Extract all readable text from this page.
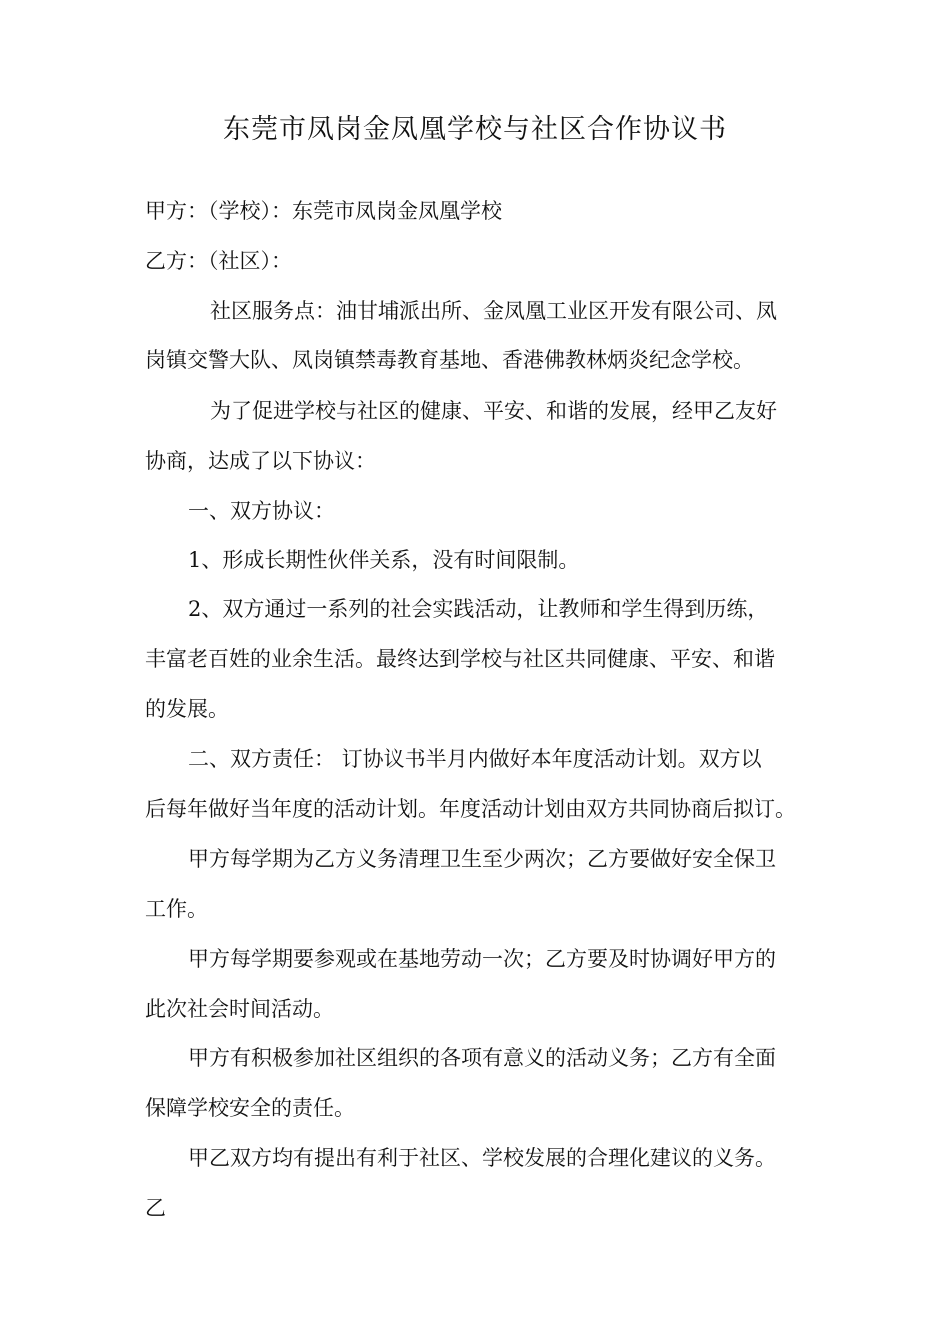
东莞市凤岗金凤凰学校与社区合作协议书
甲方：（学校）：东莞市凤岗金凤凰学校
乙方：（社区）：
社区服务点：油甘埔派出所、金凤凰工业区开发有限公司、凤
岗镇交警大队、凤岗镇禁毒教育基地、香港佛教林炳炎纪念学校。
为了促进学校与社区的健康、平安、和谐的发展，经甲乙友好
协商，达成了以下协议：
一、双方协议：
1、形成长期性伙伴关系，没有时间限制。
2、双方通过一系列的社会实践活动，让教师和学生得到历练，
丰富老百姓的业余生活。最终达到学校与社区共同健康、平安、和谐
的发展。
二、双方责任： 订协议书半月内做好本年度活动计划。双方以
后每年做好当年度的活动计划。年度活动计划由双方共同协商后拟订。
甲方每学期为乙方义务清理卫生至少两次；乙方要做好安全保卫
工作。
甲方每学期要参观或在基地劳动一次；乙方要及时协调好甲方的
此次社会时间活动。
甲方有积极参加社区组织的各项有意义的活动义务；乙方有全面
保障学校安全的责任。
甲乙双方均有提出有利于社区、学校发展的合理化建议的义务。
乙
